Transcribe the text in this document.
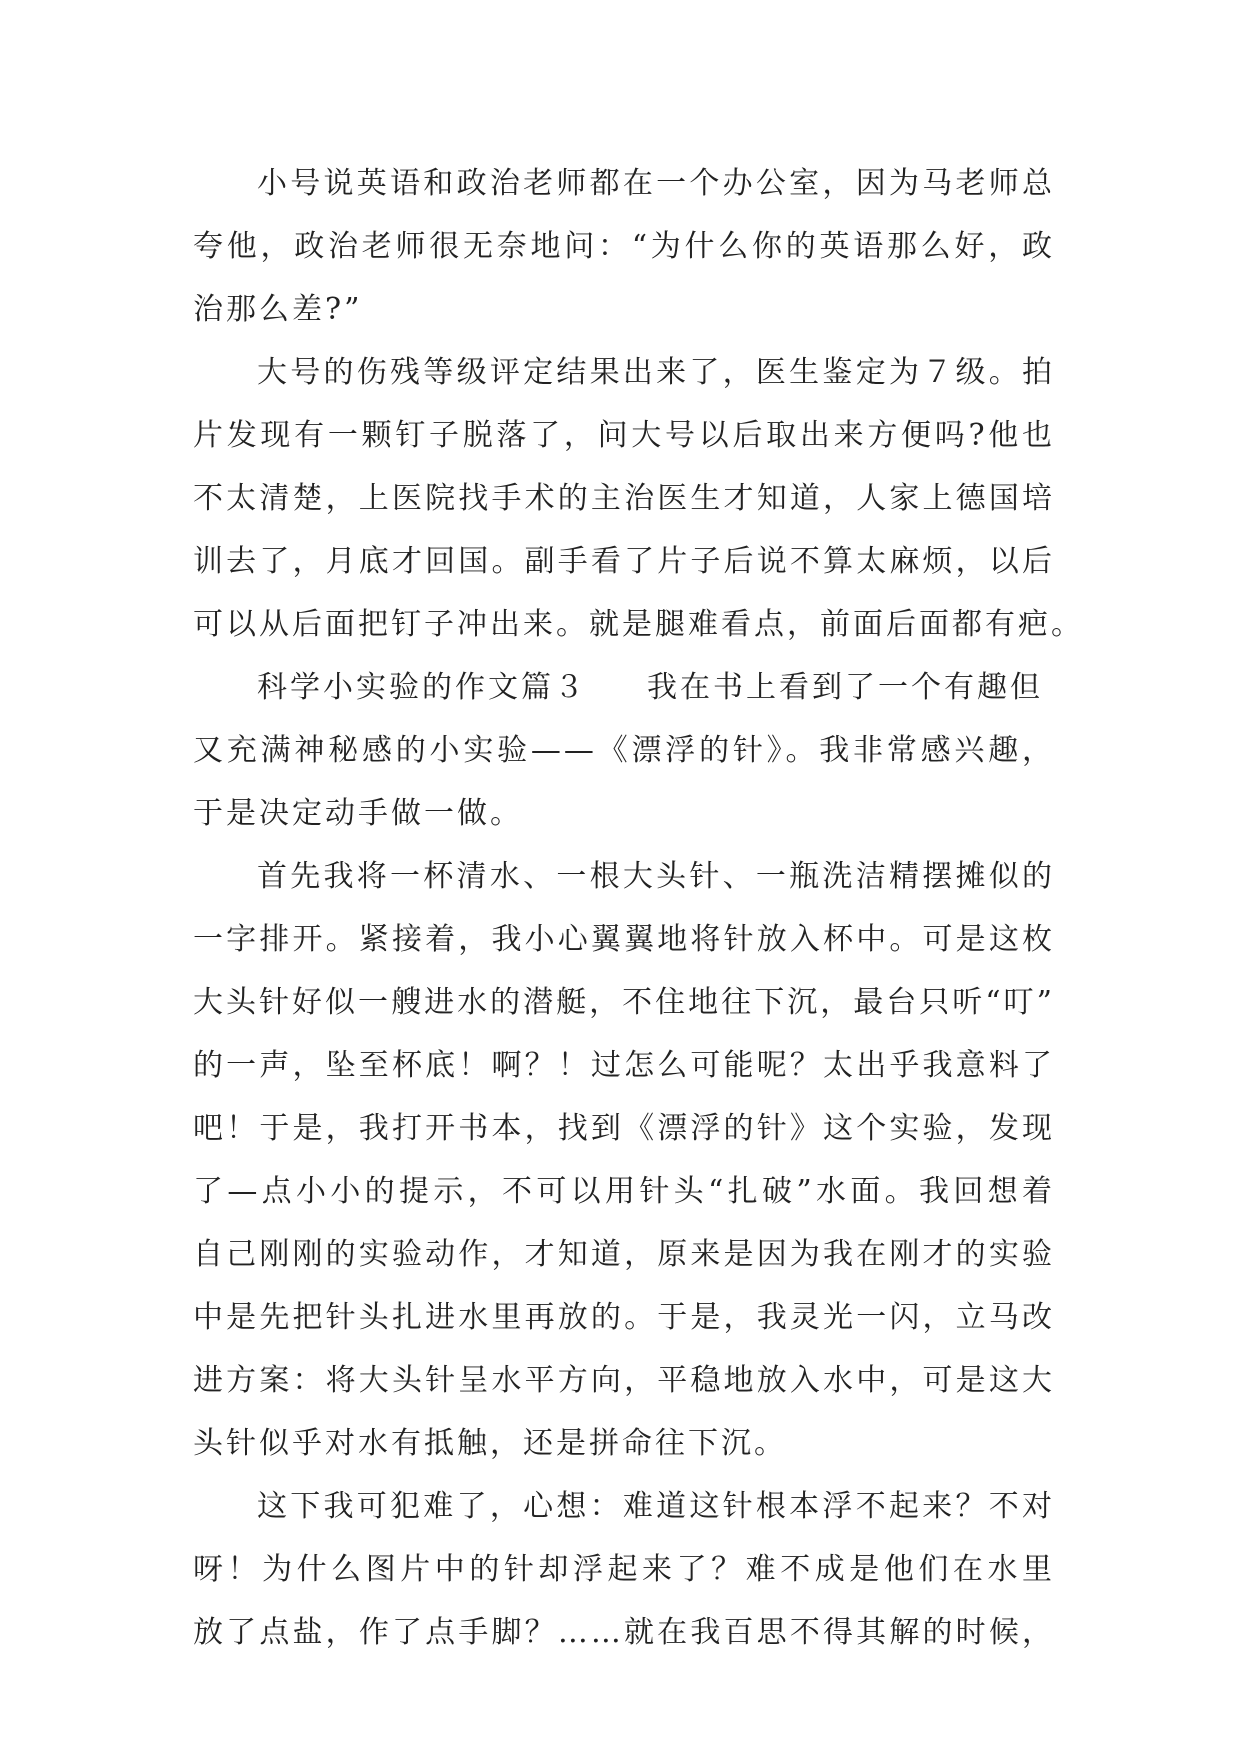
小号说英语和政治老师都在一个办公室，因为马老师总
夸他，政治老师很无奈地问：“为什么你的英语那么好，政
治那么差?”
大号的伤残等级评定结果出来了，医生鉴定为７级。拍
片发现有一颗钉子脱落了，问大号以后取出来方便吗?他也
不太清楚，上医院找手术的主治医生才知道，人家上德国培
训去了，月底才回国。副手看了片子后说不算太麻烦，以后
可以从后面把钉子冲出来。就是腿难看点，前面后面都有疤。
科学小实验的作文篇３ 我在书上看到了一个有趣但
又充满神秘感的小实验——《漂浮的针》。我非常感兴趣，
于是决定动手做一做。
首先我将一杯清水、一根大头针、一瓶洗洁精摆摊似的
一字排开。紧接着，我小心翼翼地将针放入杯中。可是这枚
大头针好似一艘进水的潜艇，不住地往下沉，最台只听“叮”
的一声，坠至杯底！啊？！过怎么可能呢？太出乎我意料了
吧！于是，我打开书本，找到《漂浮的针》这个实验，发现
了—点小小的提示，不可以用针头“扎破”水面。我回想着
自己刚刚的实验动作，才知道，原来是因为我在刚才的实验
中是先把针头扎进水里再放的。于是，我灵光一闪，立马改
进方案：将大头针呈水平方向，平稳地放入水中，可是这大
头针似乎对水有抵触，还是拼命往下沉。
这下我可犯难了，心想：难道这针根本浮不起来？不对
呀！为什么图片中的针却浮起来了？难不成是他们在水里
放了点盐，作了点手脚？……就在我百思不得其解的时候，
